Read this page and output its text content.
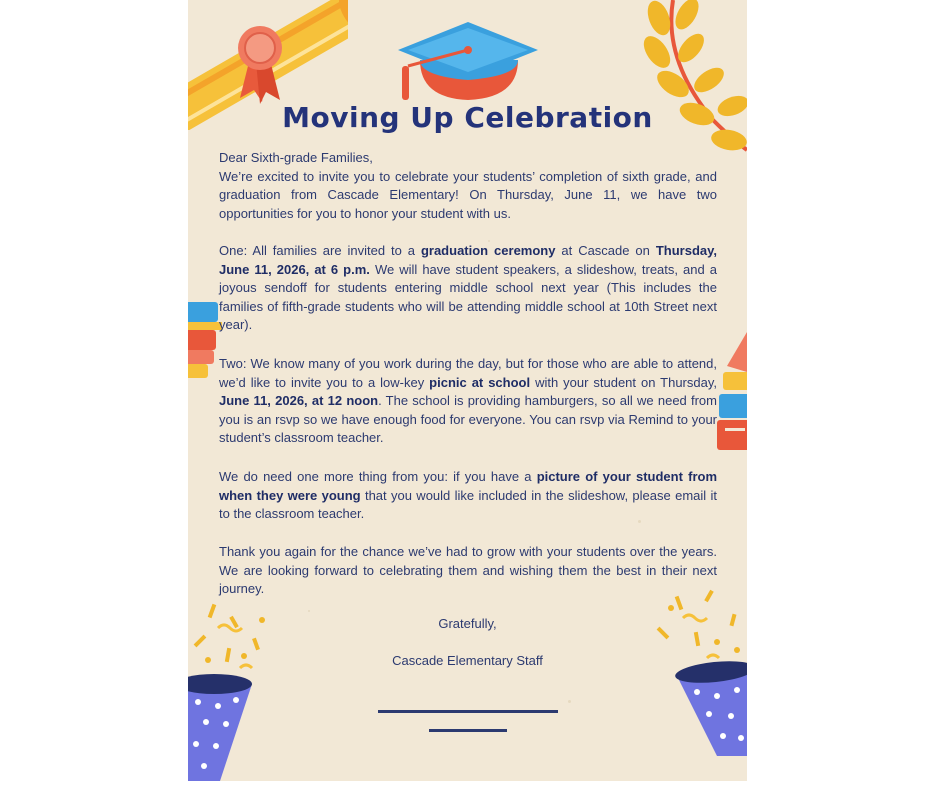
Moving Up Celebration

Dear Sixth-grade Families,

We’re excited to invite you to celebrate your students’ completion of sixth grade, and graduation from Cascade Elementary! On Thursday, June 11, we have two opportunities for you to honor your student with us.

One: All families are invited to a graduation ceremony at Cascade on Thursday, June 11, 2026, at 6 p.m. We will have student speakers, a slideshow, treats, and a joyous sendoff for students entering middle school next year (This includes the families of fifth-grade students who will be attending middle school at 10th Street next year).

Two: We know many of you work during the day, but for those who are able to attend, we’d like to invite you to a low-key picnic at school with your student on Thursday, June 11, 2026, at 12 noon. The school is providing hamburgers, so all we need from you is an rsvp so we have enough food for everyone. You can rsvp via Remind to your student’s classroom teacher.

We do need one more thing from you: if you have a picture of your student from when they were young that you would like included in the slideshow, please email it to the classroom teacher.

Thank you again for the chance we’ve had to grow with your students over the years. We are looking forward to celebrating them and wishing them the best in their next journey.

Gratefully,
Cascade Elementary Staff
